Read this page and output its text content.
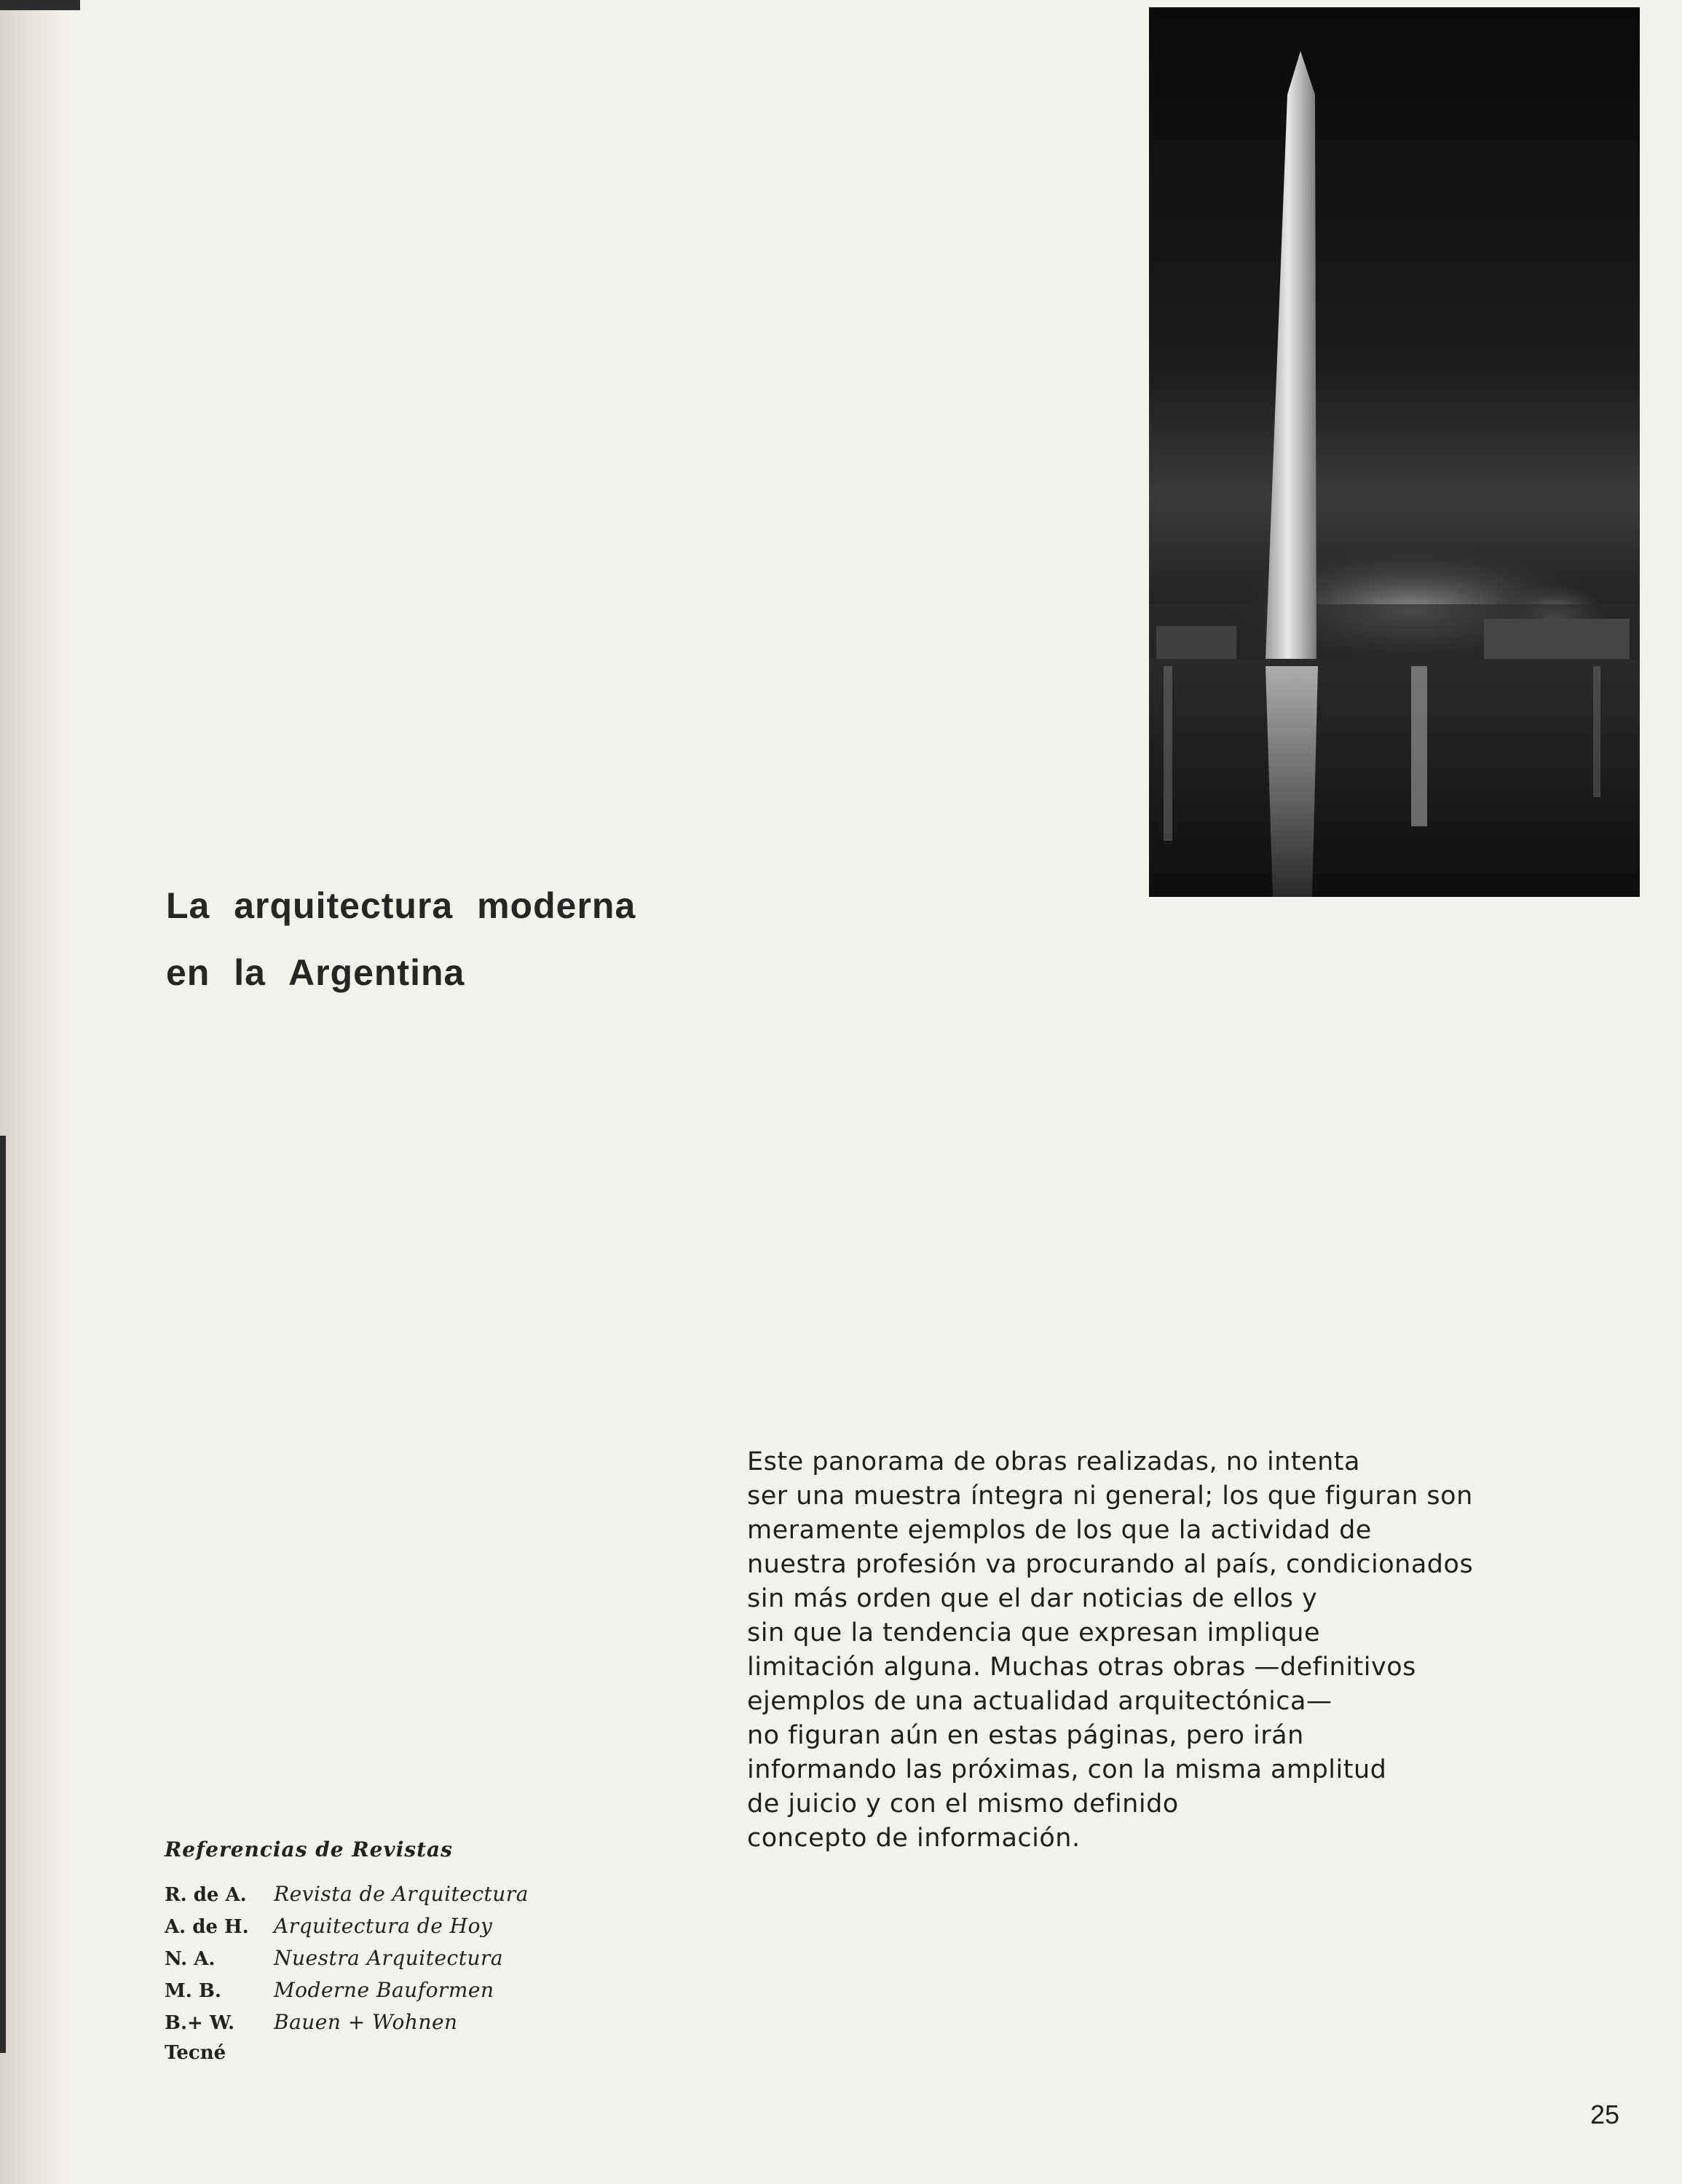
La arquitectura moderna
en la Argentina
Este panorama de obras realizadas, no intenta
ser una muestra íntegra ni general; los que figuran son
meramente ejemplos de los que la actividad de
nuestra profesión va procurando al país, condicionados
sin más orden que el dar noticias de ellos y
sin que la tendencia que expresan implique
limitación alguna. Muchas otras obras —definitivos
ejemplos de una actualidad arquitectónica—
no figuran aún en estas páginas, pero irán
informando las próximas, con la misma amplitud
de juicio y con el mismo definido
concepto de información.
Referencias de Revistas
R. de A.	Revista de Arquitectura
A. de H.	Arquitectura de Hoy
N. A.	Nuestra Arquitectura
M. B.	Moderne Bauformen
B.+ W.	Bauen + Wohnen
Tecné
25
